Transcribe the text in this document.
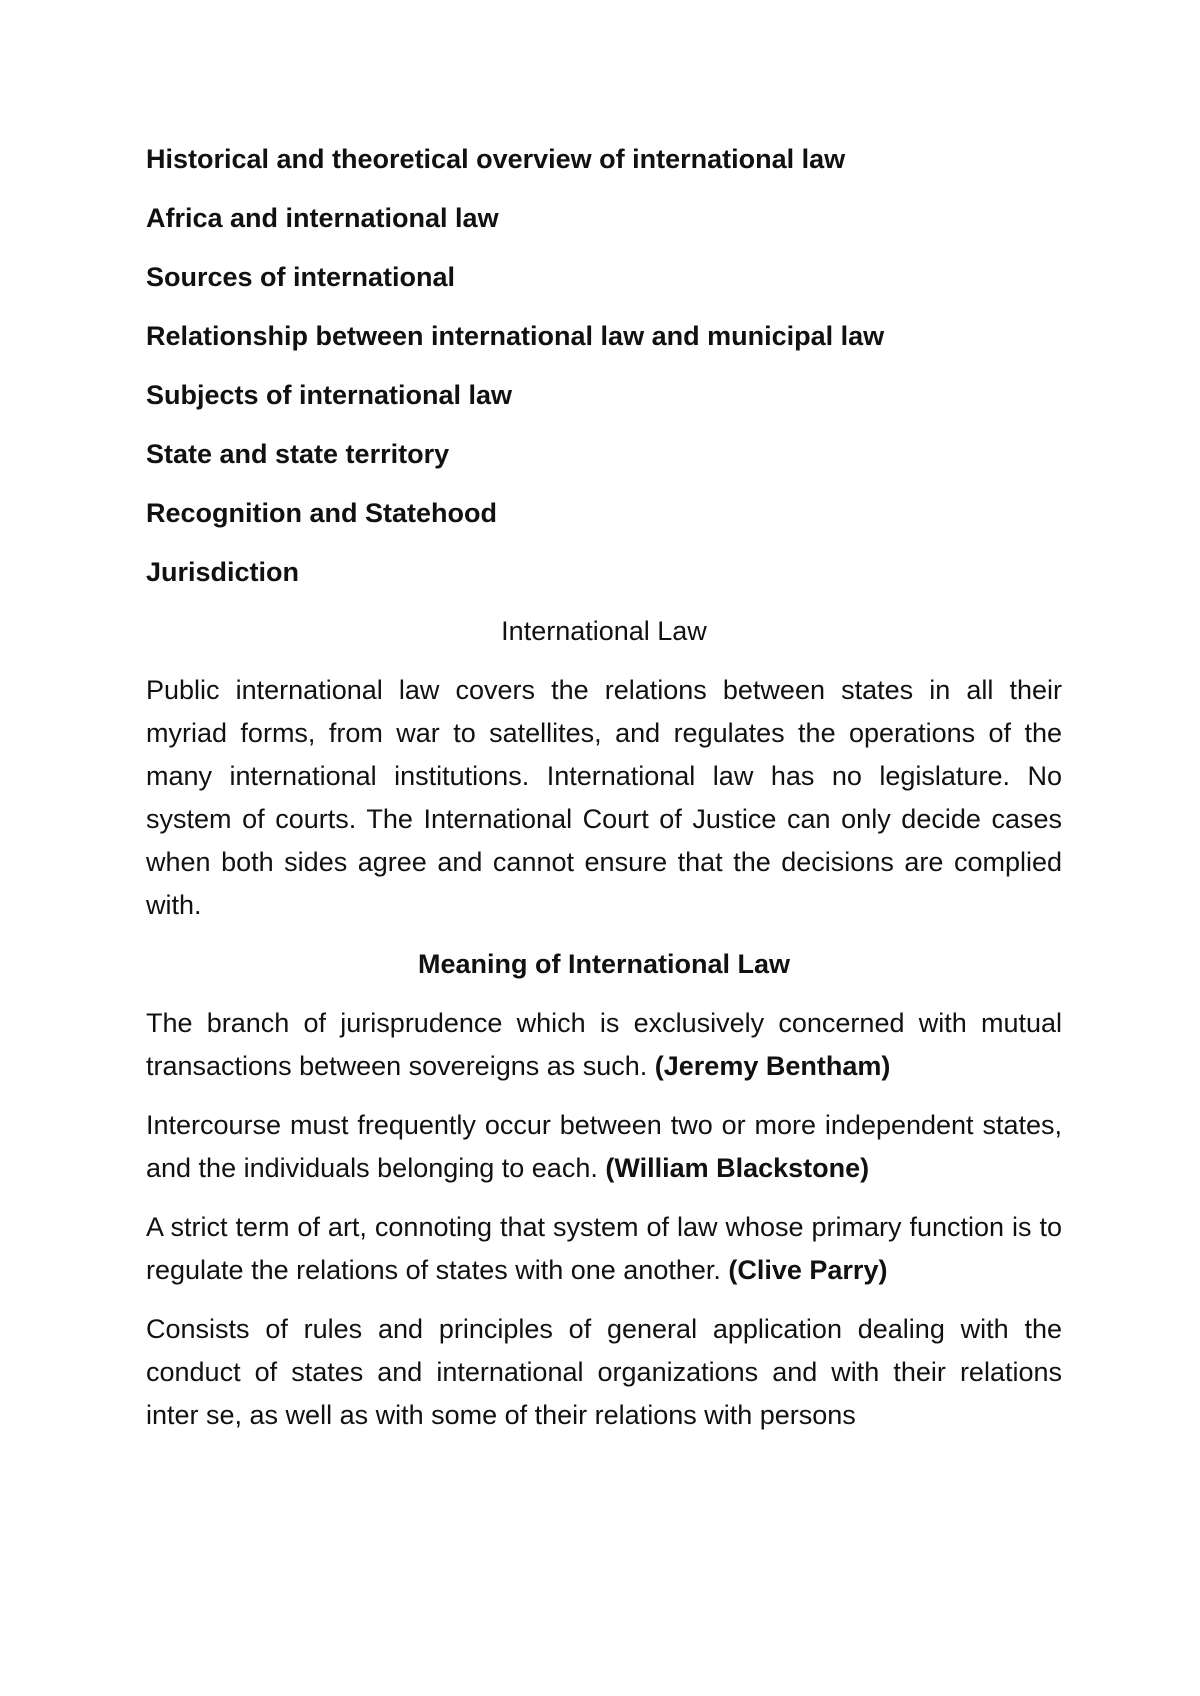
Historical and theoretical overview of international law
Africa and international law
Sources of international
Relationship between international law and municipal law
Subjects of international law
State and state territory
Recognition and Statehood
Jurisdiction
International Law

Public international law covers the relations between states in all their myriad forms, from war to satellites, and regulates the operations of the many international institutions. International law has no legislature. No system of courts. The International Court of Justice can only decide cases when both sides agree and cannot ensure that the decisions are complied with.

Meaning of International Law

The branch of jurisprudence which is exclusively concerned with mutual transactions between sovereigns as such. (Jeremy Bentham)

Intercourse must frequently occur between two or more independent states, and the individuals belonging to each. (William Blackstone)

A strict term of art, connoting that system of law whose primary function is to regulate the relations of states with one another. (Clive Parry)

Consists of rules and principles of general application dealing with the conduct of states and international organizations and with their relations inter se, as well as with some of their relations with persons
